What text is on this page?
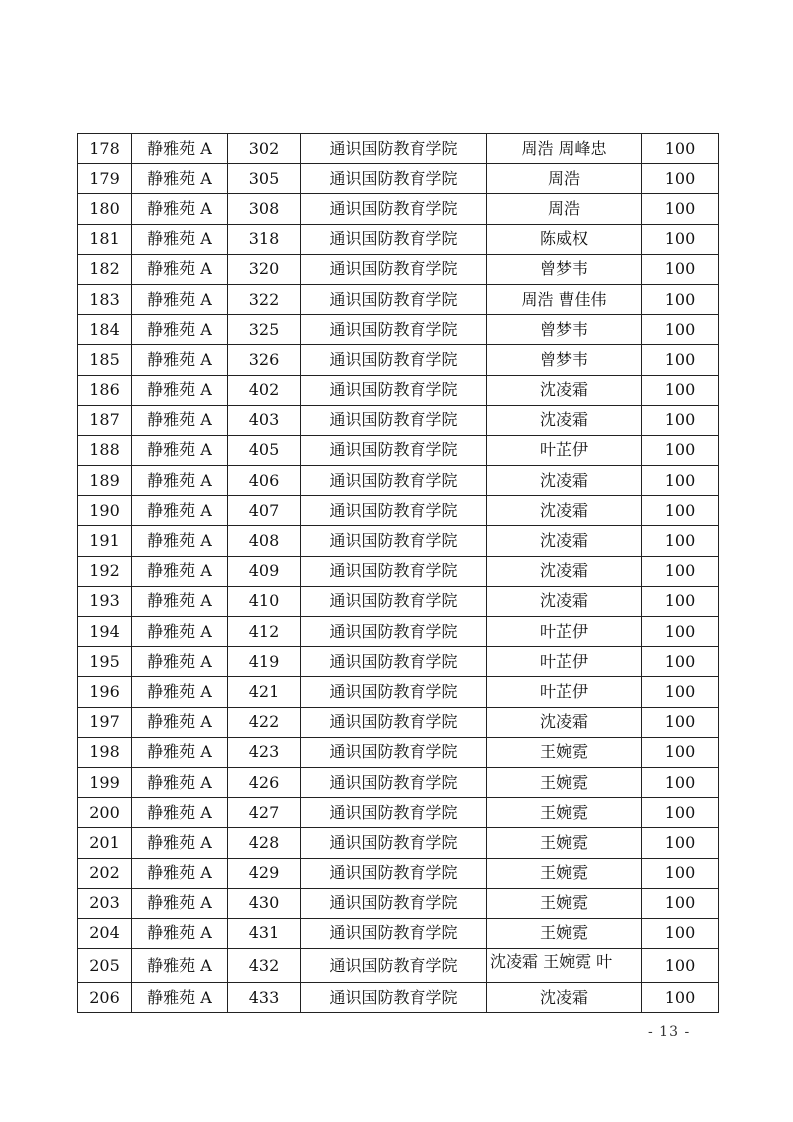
178	静雅苑 A	302	通识国防教育学院	周浩 周峰忠	100
179	静雅苑 A	305	通识国防教育学院	周浩	100
180	静雅苑 A	308	通识国防教育学院	周浩	100
181	静雅苑 A	318	通识国防教育学院	陈威权	100
182	静雅苑 A	320	通识国防教育学院	曾梦韦	100
183	静雅苑 A	322	通识国防教育学院	周浩 曹佳伟	100
184	静雅苑 A	325	通识国防教育学院	曾梦韦	100
185	静雅苑 A	326	通识国防教育学院	曾梦韦	100
186	静雅苑 A	402	通识国防教育学院	沈凌霜	100
187	静雅苑 A	403	通识国防教育学院	沈凌霜	100
188	静雅苑 A	405	通识国防教育学院	叶芷伊	100
189	静雅苑 A	406	通识国防教育学院	沈凌霜	100
190	静雅苑 A	407	通识国防教育学院	沈凌霜	100
191	静雅苑 A	408	通识国防教育学院	沈凌霜	100
192	静雅苑 A	409	通识国防教育学院	沈凌霜	100
193	静雅苑 A	410	通识国防教育学院	沈凌霜	100
194	静雅苑 A	412	通识国防教育学院	叶芷伊	100
195	静雅苑 A	419	通识国防教育学院	叶芷伊	100
196	静雅苑 A	421	通识国防教育学院	叶芷伊	100
197	静雅苑 A	422	通识国防教育学院	沈凌霜	100
198	静雅苑 A	423	通识国防教育学院	王婉霓	100
199	静雅苑 A	426	通识国防教育学院	王婉霓	100
200	静雅苑 A	427	通识国防教育学院	王婉霓	100
201	静雅苑 A	428	通识国防教育学院	王婉霓	100
202	静雅苑 A	429	通识国防教育学院	王婉霓	100
203	静雅苑 A	430	通识国防教育学院	王婉霓	100
204	静雅苑 A	431	通识国防教育学院	王婉霓	100
205	静雅苑 A	432	通识国防教育学院	沈凌霜 王婉霓 叶	100
206	静雅苑 A	433	通识国防教育学院	沈凌霜	100
- 13 -
